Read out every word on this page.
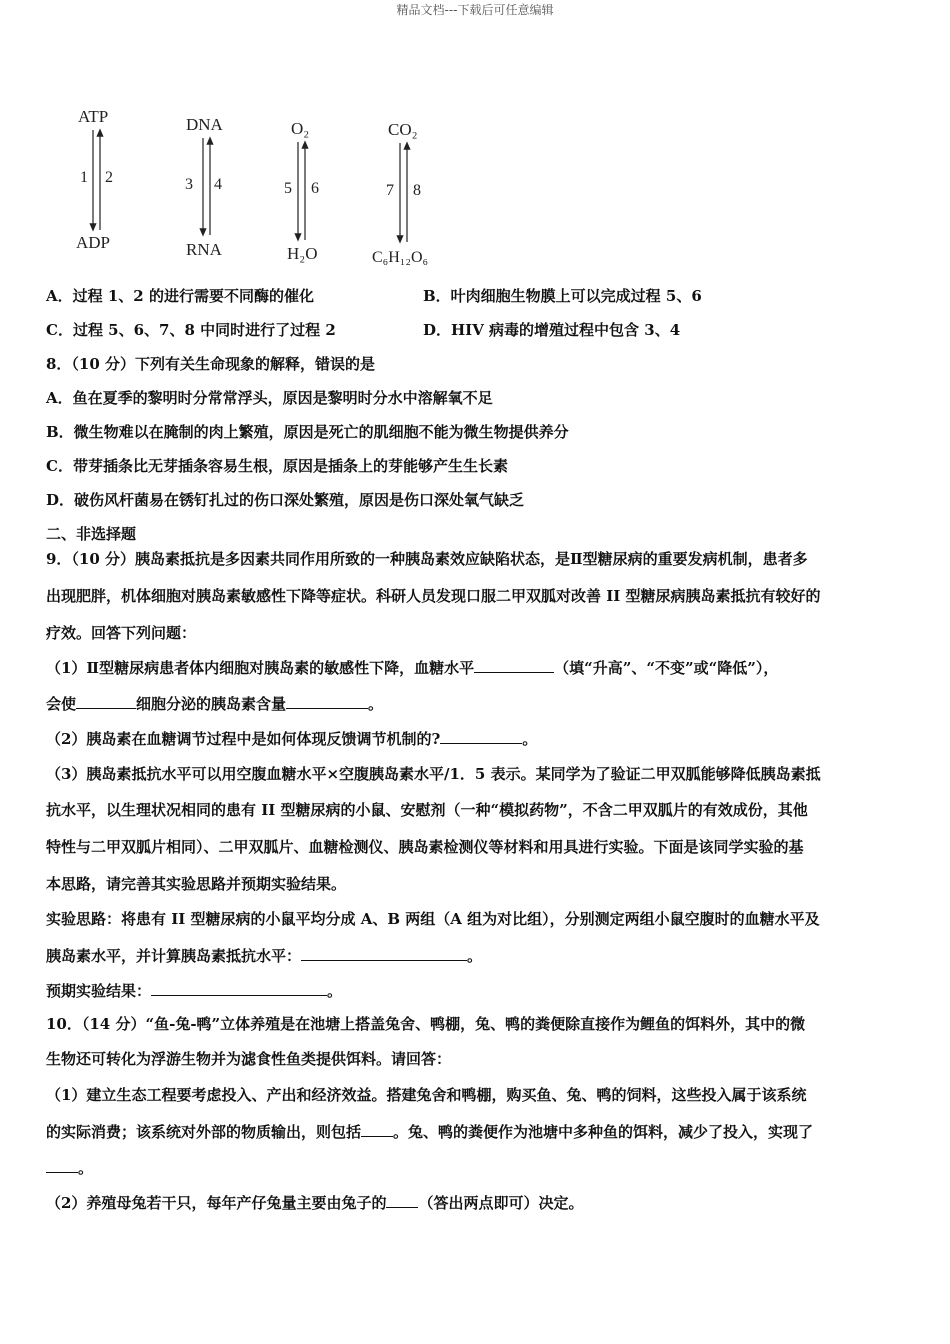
精品文档---下载后可任意编辑
ATP
1 2
ADP
DNA
3 4
RNA
O₂
5 6
H₂O
CO₂
7 8
C₆H₁₂O₆
A．过程 1、2 的进行需要不同酶的催化	B．叶肉细胞生物膜上可以完成过程 5、6
C．过程 5、6、7、8 中同时进行了过程 2	D．HIV 病毒的增殖过程中包含 3、4
8．（10 分）下列有关生命现象的解释，错误的是
A．鱼在夏季的黎明时分常常浮头，原因是黎明时分水中溶解氧不足
B．微生物难以在腌制的肉上繁殖，原因是死亡的肌细胞不能为微生物提供养分
C．带芽插条比无芽插条容易生根，原因是插条上的芽能够产生生长素
D．破伤风杆菌易在锈钉扎过的伤口深处繁殖，原因是伤口深处氧气缺乏
二、非选择题
9．（10 分）胰岛素抵抗是多因素共同作用所致的一种胰岛素效应缺陷状态，是Ⅱ型糖尿病的重要发病机制，患者多
出现肥胖，机体细胞对胰岛素敏感性下降等症状。科研人员发现口服二甲双胍对改善 II 型糖尿病胰岛素抵抗有较好的
疗效。回答下列问题：
（1）Ⅱ型糖尿病患者体内细胞对胰岛素的敏感性下降，血糖水平	（填“升高”、“不变”或“降低”），
会使	细胞分泌的胰岛素含量	。
（2）胰岛素在血糖调节过程中是如何体现反馈调节机制的?	。
（3）胰岛素抵抗水平可以用空腹血糖水平×空腹胰岛素水平/1．5 表示。某同学为了验证二甲双胍能够降低胰岛素抵
抗水平，以生理状况相同的患有 II 型糖尿病的小鼠、安慰剂（一种“模拟药物”，不含二甲双胍片的有效成份，其他
特性与二甲双胍片相同）、二甲双胍片、血糖检测仪、胰岛素检测仪等材料和用具进行实验。下面是该同学实验的基
本思路，请完善其实验思路并预期实验结果。
实验思路：将患有 II 型糖尿病的小鼠平均分成 A、B 两组（A 组为对比组），分别测定两组小鼠空腹时的血糖水平及
胰岛素水平，并计算胰岛素抵抗水平：	。
预期实验结果：	。
10．（14 分）“鱼-兔-鸭”立体养殖是在池塘上搭盖兔舍、鸭棚，兔、鸭的粪便除直接作为鲤鱼的饵料外，其中的微
生物还可转化为浮游生物并为滤食性鱼类提供饵料。请回答：
（1）建立生态工程要考虑投入、产出和经济效益。搭建兔舍和鸭棚，购买鱼、兔、鸭的饲料，这些投入属于该系统
的实际消费；该系统对外部的物质输出，则包括 。兔、鸭的粪便作为池塘中多种鱼的饵料，减少了投入，实现了
。
（2）养殖母兔若干只，每年产仔兔量主要由兔子的 （答出两点即可）决定。
